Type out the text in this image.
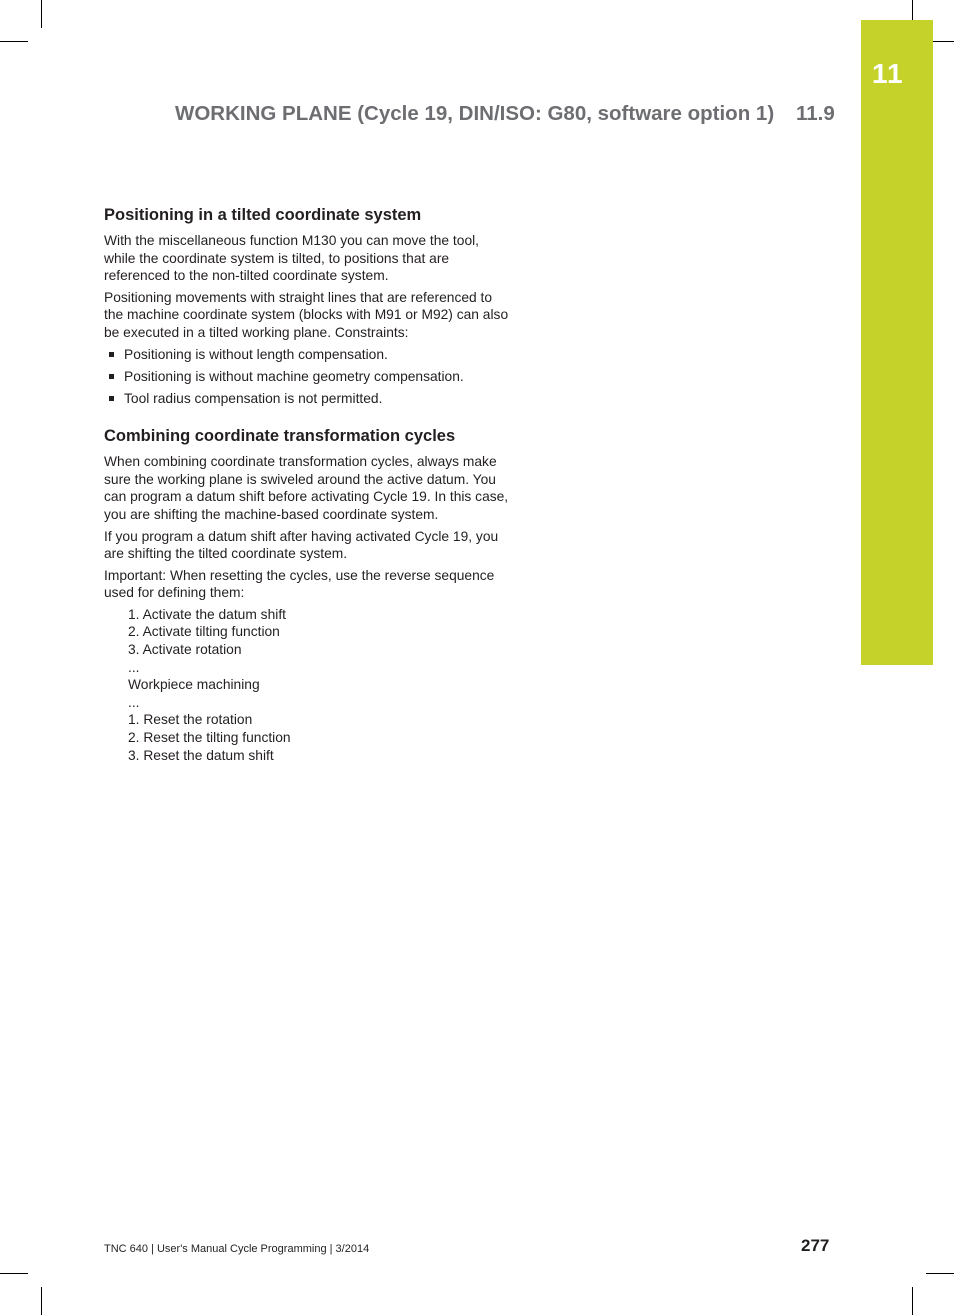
11
WORKING PLANE (Cycle 19, DIN/ISO: G80, software option 1) 11.9
Positioning in a tilted coordinate system

With the miscellaneous function M130 you can move the tool,
while the coordinate system is tilted, to positions that are
referenced to the non-tilted coordinate system.

Positioning movements with straight lines that are referenced to
the machine coordinate system (blocks with M91 or M92) can also
be executed in a tilted working plane. Constraints:

Positioning is without length compensation.
Positioning is without machine geometry compensation.
Tool radius compensation is not permitted.
Combining coordinate transformation cycles

When combining coordinate transformation cycles, always make
sure the working plane is swiveled around the active datum. You
can program a datum shift before activating Cycle 19. In this case,
you are shifting the machine-based coordinate system.

If you program a datum shift after having activated Cycle 19, you
are shifting the tilted coordinate system.

Important: When resetting the cycles, use the reverse sequence
used for defining them:

1. Activate the datum shift
2. Activate tilting function
3. Activate rotation
...
Workpiece machining
...
1. Reset the rotation
2. Reset the tilting function
3. Reset the datum shift
TNC 640 | User's Manual Cycle Programming | 3/2014	277
